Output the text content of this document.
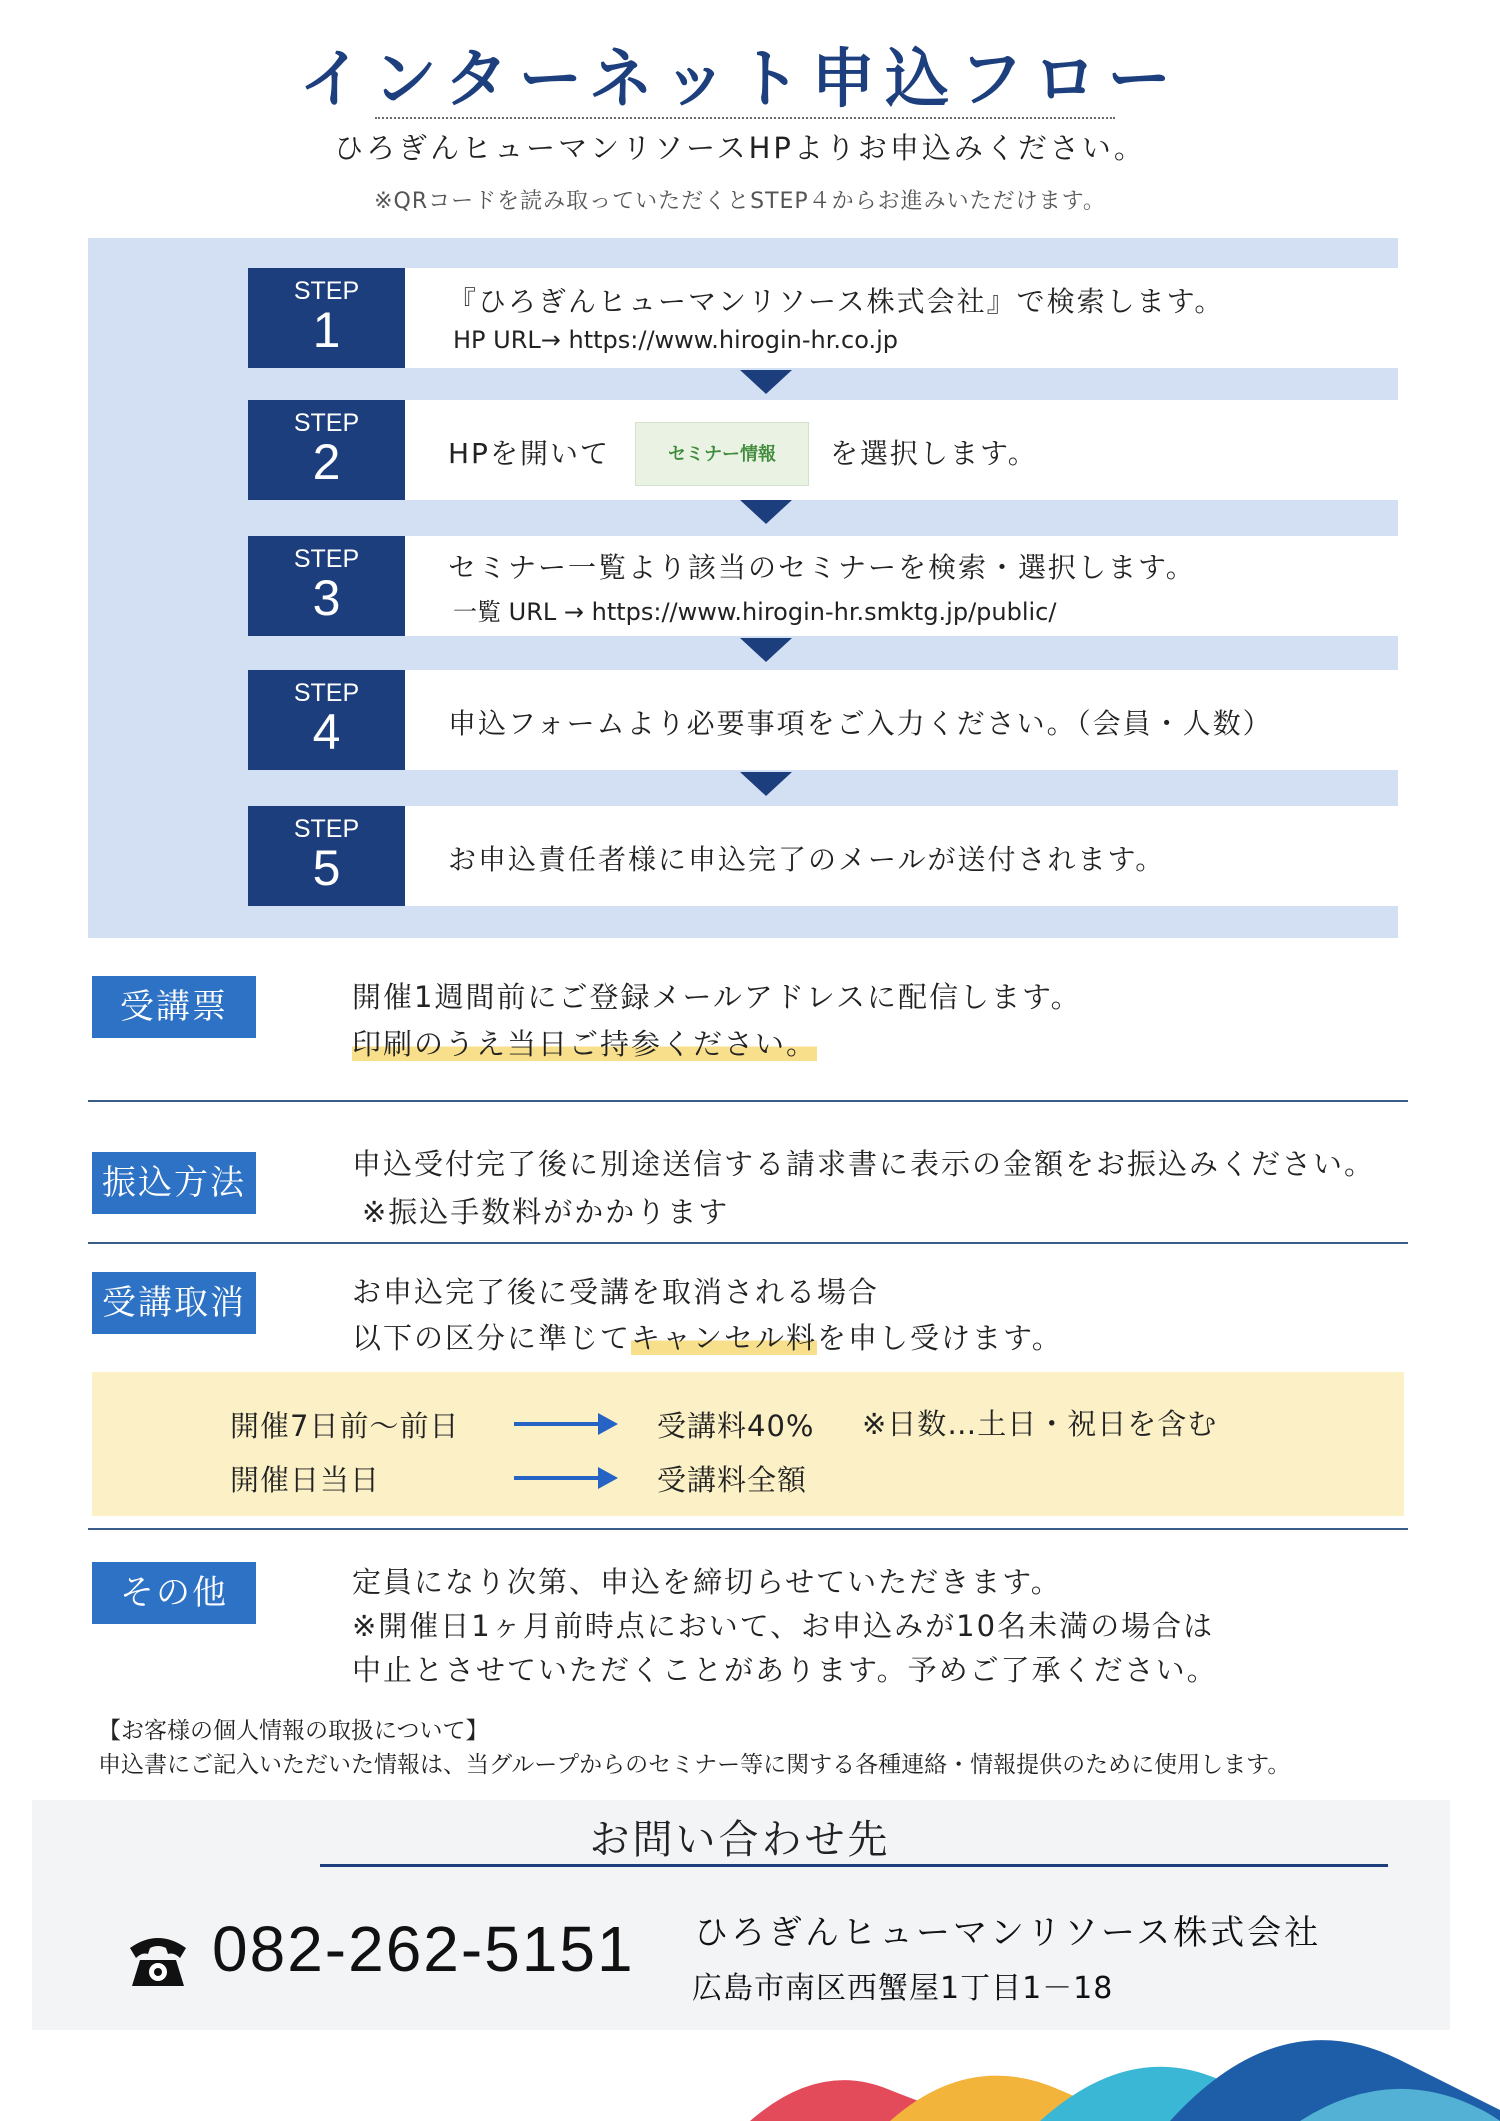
インターネット申込フロー
ひろぎんヒューマンリソースHPよりお申込みください。
※QRコードを読み取っていただくとSTEP４からお進みいただけます。
STEP
1
『ひろぎんヒューマンリソース株式会社』で検索します。
HP URL→ https://www.hirogin-hr.co.jp
STEP
2	HPを開いて	セミナー情報	を選択します。
STEP
3
セミナー一覧より該当のセミナーを検索・選択します。
一覧 URL → https://www.hirogin-hr.smktg.jp/public/
STEP
4	申込フォームより必要事項をご入力ください。（会員・人数）
STEP
5	お申込責任者様に申込完了のメールが送付されます。
受講票	開催1週間前にご登録メールアドレスに配信します。
印刷のうえ当日ご持参ください。
振込方法	申込受付完了後に別途送信する請求書に表示の金額をお振込みください。
※振込手数料がかかります
受講取消	お申込完了後に受講を取消される場合
以下の区分に準じてキャンセル料を申し受けます。
開催7日前〜前日	受講料40% ※日数…土日・祝日を含む
開催日当日	受講料全額
その他	定員になり次第、申込を締切らせていただきます。
※開催日1ヶ月前時点において、お申込みが10名未満の場合は
中止とさせていただくことがあります。予めご了承ください。
【お客様の個人情報の取扱について】
申込書にご記入いただいた情報は、当グループからのセミナー等に関する各種連絡・情報提供のために使用します。
お問い合わせ先
082-262-5151 ひろぎんヒューマンリソース株式会社
広島市南区西蟹屋1丁目1－18
